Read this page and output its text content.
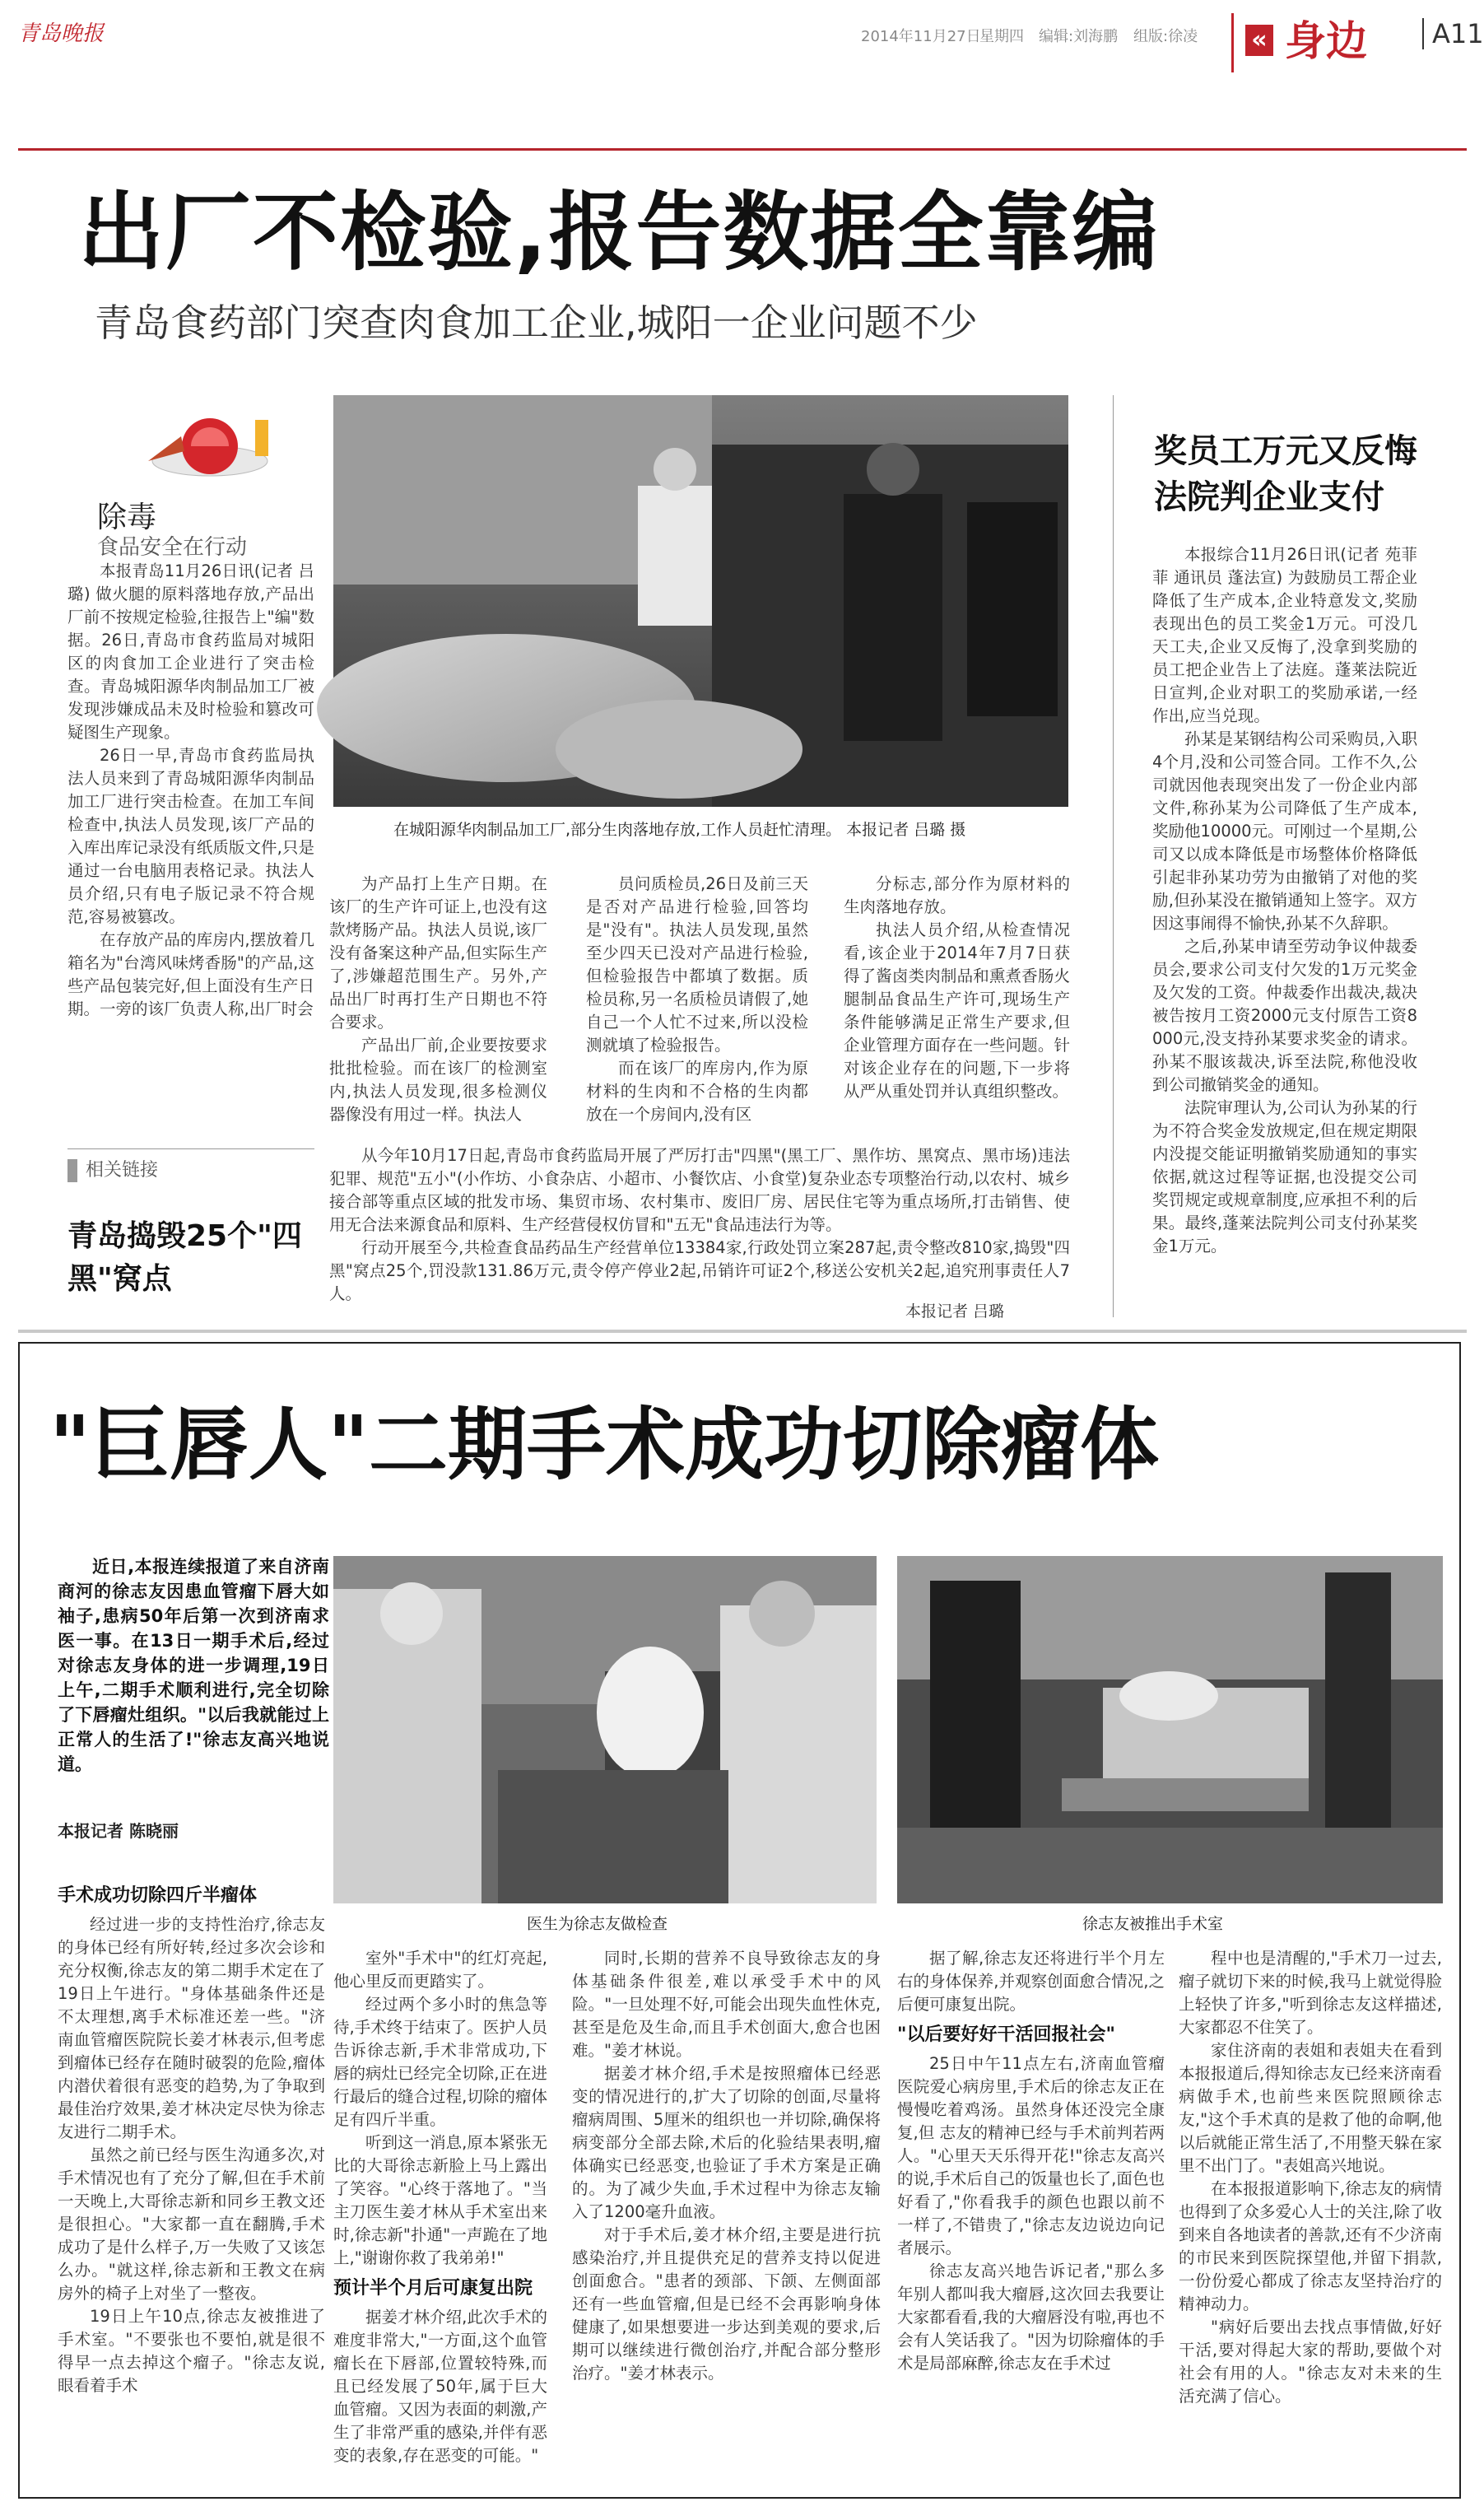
青岛晚报	2014年11月27日
星期四 编辑:刘海鹏 组版:徐凌 « 身边	A11
出厂不检验,报告数据全靠编
青岛食药部门突查肉食加工企业,城阳一企业问题不少
除毒
食品安全在行动
在城阳源华肉制品加工厂,部分生肉落地存放,工作人员赶忙清理。 本报记者 吕璐 摄

本报青岛11月26日讯(记者 吕璐) 做火腿的原料落地存放,产品出厂前不按规定检验,往报告上"编"数据。26日,青岛市食药监局对城阳区的肉食加工企业进行了突击检查。青岛城阳源华肉制品加工厂被发现涉嫌成品未及时检验和篡改可疑图生产现象。

26日一早,青岛市食药监局执法人员来到了青岛城阳源华肉制品加工厂进行突击检查。在加工车间检查中,执法人员发现,该厂产品的入库出库记录没有纸质版文件,只是通过一台电脑用表格记录。执法人员介绍,只有电子版记录不符合规范,容易被篡改。

在存放产品的库房内,摆放着几箱名为"台湾风味烤香肠"的产品,这些产品包装完好,但上面没有生产日期。一旁的该厂负责人称,出厂时会

为产品打上生产日期。在该厂的生产许可证上,也没有这款烤肠产品。执法人员说,该厂没有备案这种产品,但实际生产了,涉嫌超范围生产。另外,产品出厂时再打生产日期也不符合要求。

产品出厂前,企业要按要求批批检验。而在该厂的检测室内,执法人员发现,很多检测仪器像没有用过一样。执法人

员问质检员,26日及前三天是否对产品进行检验,回答均是"没有"。执法人员发现,虽然至少四天已没对产品进行检验,但检验报告中都填了数据。质检员称,另一名质检员请假了,她自己一个人忙不过来,所以没检测就填了检验报告。

而在该厂的库房内,作为原材料的生肉和不合格的生肉都放在一个房间内,没有区

分标志,部分作为原材料的生肉落地存放。

执法人员介绍,从检查情况看,该企业于2014年7月7日获得了酱卤类肉制品和熏煮香肠火腿制品食品生产许可,现场生产条件能够满足正常生产要求,但企业管理方面存在一些问题。针对该企业存在的问题,下一步将从严从重处罚并认真组织整改。

相关链接
青岛捣毁25个"四黑"窝点

从今年10月17日起,青岛市食药监局开展了严厉打击"四黑"(黑工厂、黑作坊、黑窝点、黑市场)违法犯罪、规范"五小"(小作坊、小食杂店、小超市、小餐饮店、小食堂)复杂业态专项整治行动,以农村、城乡接合部等重点区域的批发市场、集贸市场、农村集市、废旧厂房、居民住宅等为重点场所,打击销售、使用无合法来源食品和原料、生产经营侵权仿冒和"五无"食品违法行为等。

行动开展至今,共检查食品药品生产经营单位13384家,行政处罚立案287起,责令整改810家,捣毁"四黑"窝点25个,罚没款131.86万元,责令停产停业2起,吊销许可证2个,移送公安机关2起,追究刑事责任人7人。

本报记者 吕璐
奖员工万元又反悔
法院判企业支付

本报综合11月26日讯(记者 苑菲菲 通讯员 蓬法宣) 为鼓励员工帮企业降低了生产成本,企业特意发文,奖励表现出色的员工奖金1万元。可没几天工夫,企业又反悔了,没拿到奖励的员工把企业告上了法庭。蓬莱法院近日宣判,企业对职工的奖励承诺,一经作出,应当兑现。

孙某是某钢结构公司采购员,入职4个月,没和公司签合同。工作不久,公司就因他表现突出发了一份企业内部文件,称孙某为公司降低了生产成本,奖励他10000元。可刚过一个星期,公司又以成本降低是市场整体价格降低引起非孙某功劳为由撤销了对他的奖励,但孙某没在撤销通知上签字。双方因这事闹得不愉快,孙某不久辞职。

之后,孙某申请至劳动争议仲裁委员会,要求公司支付欠发的1万元奖金及欠发的工资。仲裁委作出裁决,裁决被告按月工资2000元支付原告工资8000元,没支持孙某要求奖金的请求。孙某不服该裁决,诉至法院,称他没收到公司撤销奖金的通知。

法院审理认为,公司认为孙某的行为不符合奖金发放规定,但在规定期限内没提交能证明撤销奖励通知的事实依据,就这过程等证据,也没提交公司奖罚规定或规章制度,应承担不利的后果。最终,蓬莱法院判公司支付孙某奖金1万元。

"巨唇人"二期手术成功切除瘤体

近日,本报连续报道了来自济南商河的徐志友因患血管瘤下唇大如袖子,患病50年后第一次到济南求医一事。在13日一期手术后,经过对徐志友身体的进一步调理,19日上午,二期手术顺利进行,完全切除了下唇瘤灶组织。"以后我就能过上正常人的生活了!"徐志友高兴地说道。

本报记者 陈晓丽
医生为徐志友做检查	徐志友被推出手术室
手术成功切除四斤半瘤体

经过进一步的支持性治疗,徐志友的身体已经有所好转,经过多次会诊和充分权衡,徐志友的第二期手术定在了19日上午进行。"身体基础条件还是不太理想,离手术标准还差一些。"济南血管瘤医院院长姜才林表示,但考虑到瘤体已经存在随时破裂的危险,瘤体内潜伏着很有恶变的趋势,为了争取到最佳治疗效果,姜才林决定尽快为徐志友进行二期手术。

虽然之前已经与医生沟通多次,对手术情况也有了充分了解,但在手术前一天晚上,大哥徐志新和同乡王教文还是很担心。"大家都一直在翻腾,手术成功了是什么样子,万一失败了又该怎么办。"就这样,徐志新和王教文在病房外的椅子上对坐了一整夜。

19日上午10点,徐志友被推进了手术室。"不要张也不要怕,就是很不得早一点去掉这个瘤子。"徐志友说,眼看着手术

室外"手术中"的红灯亮起,他心里反而更踏实了。

经过两个多小时的焦急等待,手术终于结束了。医护人员告诉徐志新,手术非常成功,下唇的病灶已经完全切除,正在进行最后的缝合过程,切除的瘤体足有四斤半重。

听到这一消息,原本紧张无比的大哥徐志新脸上马上露出了笑容。"心终于落地了。"当主刀医生姜才林从手术室出来时,徐志新"扑通"一声跪在了地上,"谢谢你救了我弟弟!"

预计半个月后可康复出院

据姜才林介绍,此次手术的难度非常大,"一方面,这个血管瘤长在下唇部,位置较特殊,而且已经发展了50年,属于巨大血管瘤。又因为表面的刺激,产生了非常严重的感染,并伴有恶变的表象,存在恶变的可能。"

同时,长期的营养不良导致徐志友的身体基础条件很差,难以承受手术中的风险。"一旦处理不好,可能会出现失血性休克,甚至是危及生命,而且手术创面大,愈合也困难。"姜才林说。

据姜才林介绍,手术是按照瘤体已经恶变的情况进行的,扩大了切除的创面,尽量将瘤病周围、5厘米的组织也一并切除,确保将病变部分全部去除,术后的化验结果表明,瘤体确实已经恶变,也验证了手术方案是正确的。为了减少失血,手术过程中为徐志友输入了1200毫升血液。

对于手术后,姜才林介绍,主要是进行抗感染治疗,并且提供充足的营养支持以促进创面愈合。"患者的颈部、下颌、左侧面部还有一些血管瘤,但是已经不会再影响身体健康了,如果想要进一步达到美观的要求,后期可以继续进行微创治疗,并配合部分整形治疗。"姜才林表示。

据了解,徐志友还将进行半个月左右的身体保养,并观察创面愈合情况,之后便可康复出院。

"以后要好好干活回报社会"

25日中午11点左右,济南血管瘤医院爱心病房里,手术后的徐志友正在慢慢吃着鸡汤。虽然身体还没完全康复,但 志友的精神已经与手术前判若两人。"心里天天乐得开花!"徐志友高兴的说,手术后自己的饭量也长了,面色也好看了,"你看我手的颜色也跟以前不一样了,不错贵了,"徐志友边说边向记者展示。

徐志友高兴地告诉记者,"那么多年别人都叫我大瘤唇,这次回去我要让大家都看看,我的大瘤唇没有啦,再也不会有人笑话我了。"因为切除瘤体的手术是局部麻醉,徐志友在手术过

程中也是清醒的,"手术刀一过去,瘤子就切下来的时候,我马上就觉得脸上轻快了许多,"听到徐志友这样描述,大家都忍不住笑了。

家住济南的表姐和表姐夫在看到本报报道后,得知徐志友已经来济南看病做手术,也前些来医院照顾徐志友,"这个手术真的是救了他的命啊,他以后就能正常生活了,不用整天躲在家里不出门了。"表姐高兴地说。

在本报报道影响下,徐志友的病情也得到了众多爱心人士的关注,除了收到来自各地读者的善款,还有不少济南的市民来到医院探望他,并留下捐款,一份份爱心都成了徐志友坚持治疗的精神动力。

"病好后要出去找点事情做,好好干活,要对得起大家的帮助,要做个对社会有用的人。"徐志友对未来的生活充满了信心。
